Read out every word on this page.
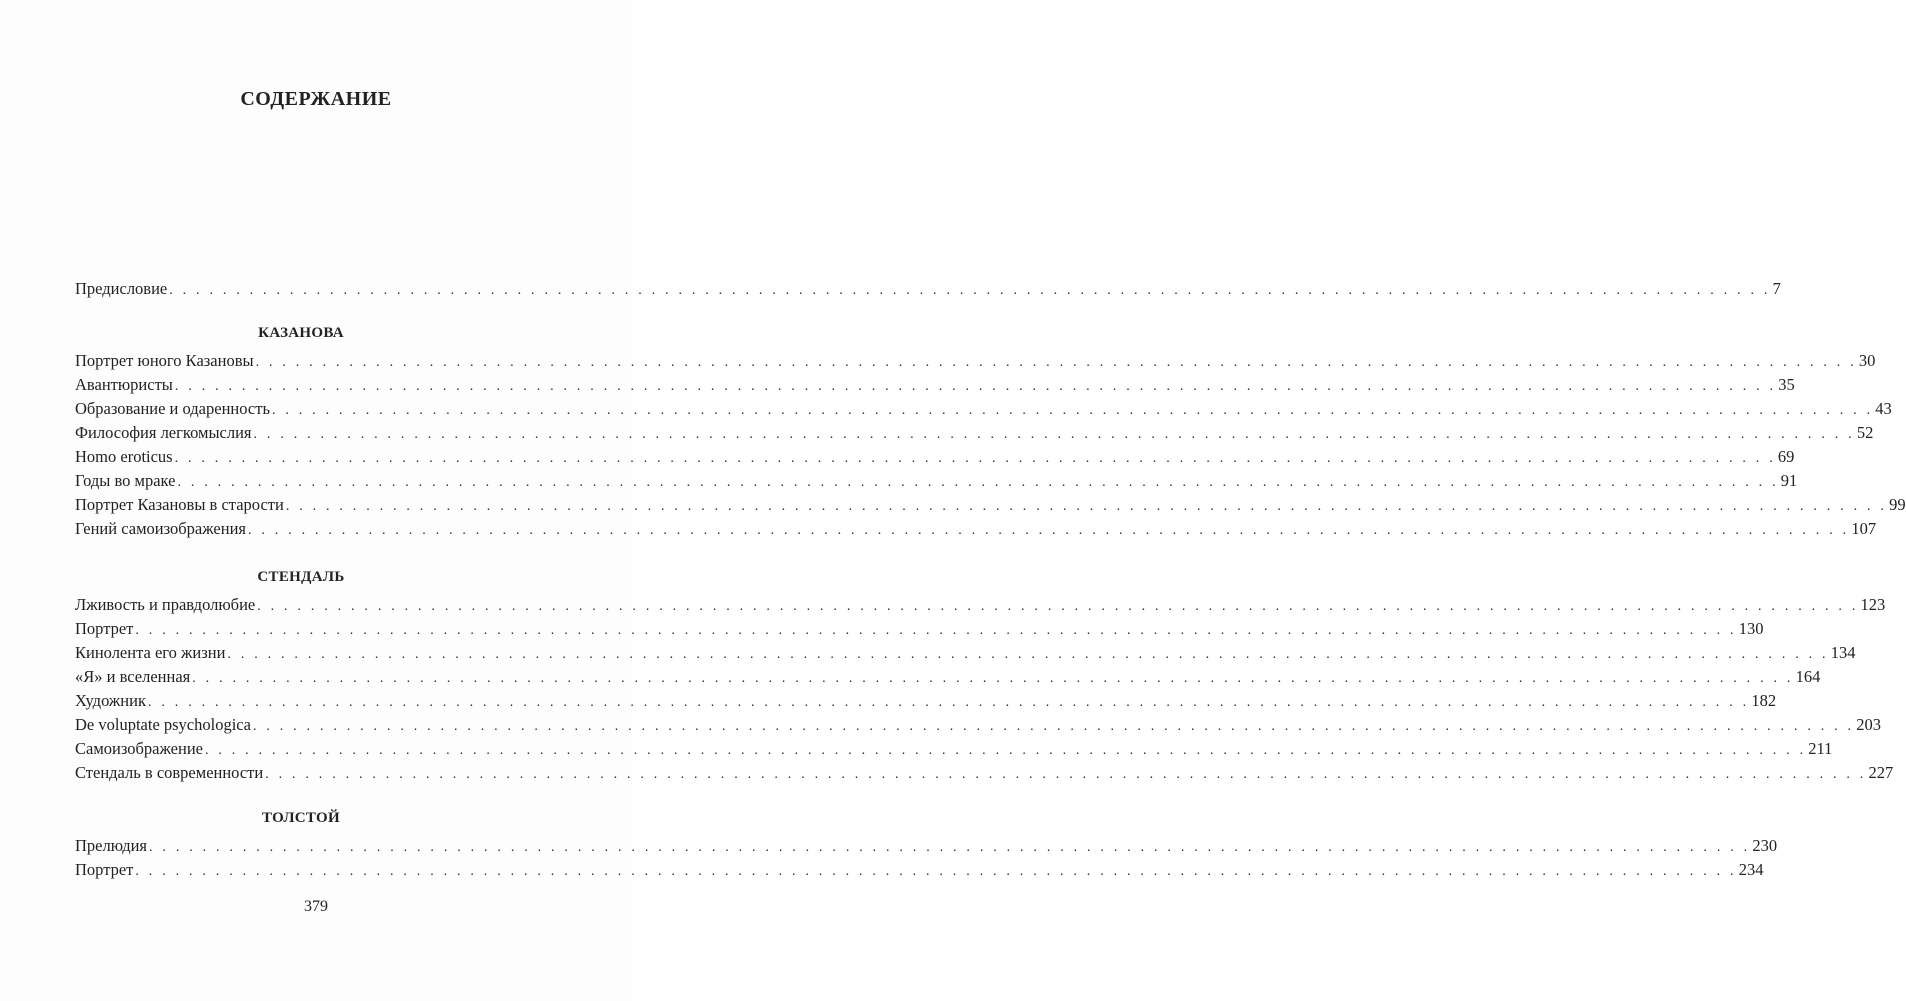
СОДЕРЖАНИЕ
Предисловие . . . . . . . . . . . . . . . . . . . . . . . . . . . . . . . . . . . . . . . . . . . . . . . . . . . . . . . . . . . . . . . . . . . . . . . . . . . . . . . . . . . . . . . . . . . . . . . . . . . . . . . . . . . . . . . . . . . . . . . . 7
КАЗАНОВА
Портрет юного Казановы . . . . . . . . . . . . . . . . . . . . . . . . . . . . . . . . . . . . . . . . . . . . . . . . . . . . . . . . . . . . . . . . . . . . . . . . . . . . . . . . . . . . . . . . . . . . . . . . . . . . . . . . . . . . . . . . . . . . . . . . 30
Авантюристы . . . . . . . . . . . . . . . . . . . . . . . . . . . . . . . . . . . . . . . . . . . . . . . . . . . . . . . . . . . . . . . . . . . . . . . . . . . . . . . . . . . . . . . . . . . . . . . . . . . . . . . . . . . . . . . . . . . . . . . . 35
Образование и одаренность . . . . . . . . . . . . . . . . . . . . . . . . . . . . . . . . . . . . . . . . . . . . . . . . . . . . . . . . . . . . . . . . . . . . . . . . . . . . . . . . . . . . . . . . . . . . . . . . . . . . . . . . . . . . . . . . . . . . . . . . 43
Философия легкомыслия . . . . . . . . . . . . . . . . . . . . . . . . . . . . . . . . . . . . . . . . . . . . . . . . . . . . . . . . . . . . . . . . . . . . . . . . . . . . . . . . . . . . . . . . . . . . . . . . . . . . . . . . . . . . . . . . . . . . . . . . 52
Homo eroticus . . . . . . . . . . . . . . . . . . . . . . . . . . . . . . . . . . . . . . . . . . . . . . . . . . . . . . . . . . . . . . . . . . . . . . . . . . . . . . . . . . . . . . . . . . . . . . . . . . . . . . . . . . . . . . . . . . . . . . . . 69
Годы во мраке . . . . . . . . . . . . . . . . . . . . . . . . . . . . . . . . . . . . . . . . . . . . . . . . . . . . . . . . . . . . . . . . . . . . . . . . . . . . . . . . . . . . . . . . . . . . . . . . . . . . . . . . . . . . . . . . . . . . . . . . 91
Портрет Казановы в старости . . . . . . . . . . . . . . . . . . . . . . . . . . . . . . . . . . . . . . . . . . . . . . . . . . . . . . . . . . . . . . . . . . . . . . . . . . . . . . . . . . . . . . . . . . . . . . . . . . . . . . . . . . . . . . . . . . . . . . . . 99
Гений самоизображения . . . . . . . . . . . . . . . . . . . . . . . . . . . . . . . . . . . . . . . . . . . . . . . . . . . . . . . . . . . . . . . . . . . . . . . . . . . . . . . . . . . . . . . . . . . . . . . . . . . . . . . . . . . . . . . . . . . . . . . . 107
СТЕНДАЛЬ
Лживость и правдолюбие . . . . . . . . . . . . . . . . . . . . . . . . . . . . . . . . . . . . . . . . . . . . . . . . . . . . . . . . . . . . . . . . . . . . . . . . . . . . . . . . . . . . . . . . . . . . . . . . . . . . . . . . . . . . . . . . . . . . . . . . 123
Портрет . . . . . . . . . . . . . . . . . . . . . . . . . . . . . . . . . . . . . . . . . . . . . . . . . . . . . . . . . . . . . . . . . . . . . . . . . . . . . . . . . . . . . . . . . . . . . . . . . . . . . . . . . . . . . . . . . . . . . . . . 130
Кинолента его жизни . . . . . . . . . . . . . . . . . . . . . . . . . . . . . . . . . . . . . . . . . . . . . . . . . . . . . . . . . . . . . . . . . . . . . . . . . . . . . . . . . . . . . . . . . . . . . . . . . . . . . . . . . . . . . . . . . . . . . . . . 134
«Я» и вселенная . . . . . . . . . . . . . . . . . . . . . . . . . . . . . . . . . . . . . . . . . . . . . . . . . . . . . . . . . . . . . . . . . . . . . . . . . . . . . . . . . . . . . . . . . . . . . . . . . . . . . . . . . . . . . . . . . . . . . . . . 164
Художник . . . . . . . . . . . . . . . . . . . . . . . . . . . . . . . . . . . . . . . . . . . . . . . . . . . . . . . . . . . . . . . . . . . . . . . . . . . . . . . . . . . . . . . . . . . . . . . . . . . . . . . . . . . . . . . . . . . . . . . . 182
De voluptate psychologica . . . . . . . . . . . . . . . . . . . . . . . . . . . . . . . . . . . . . . . . . . . . . . . . . . . . . . . . . . . . . . . . . . . . . . . . . . . . . . . . . . . . . . . . . . . . . . . . . . . . . . . . . . . . . . . . . . . . . . . . 203
Самоизображение . . . . . . . . . . . . . . . . . . . . . . . . . . . . . . . . . . . . . . . . . . . . . . . . . . . . . . . . . . . . . . . . . . . . . . . . . . . . . . . . . . . . . . . . . . . . . . . . . . . . . . . . . . . . . . . . . . . . . . . . 211
Стендаль в современности . . . . . . . . . . . . . . . . . . . . . . . . . . . . . . . . . . . . . . . . . . . . . . . . . . . . . . . . . . . . . . . . . . . . . . . . . . . . . . . . . . . . . . . . . . . . . . . . . . . . . . . . . . . . . . . . . . . . . . . . 227
ТОЛСТОЙ
Прелюдия . . . . . . . . . . . . . . . . . . . . . . . . . . . . . . . . . . . . . . . . . . . . . . . . . . . . . . . . . . . . . . . . . . . . . . . . . . . . . . . . . . . . . . . . . . . . . . . . . . . . . . . . . . . . . . . . . . . . . . . . 230
Портрет . . . . . . . . . . . . . . . . . . . . . . . . . . . . . . . . . . . . . . . . . . . . . . . . . . . . . . . . . . . . . . . . . . . . . . . . . . . . . . . . . . . . . . . . . . . . . . . . . . . . . . . . . . . . . . . . . . . . . . . . 234
379
